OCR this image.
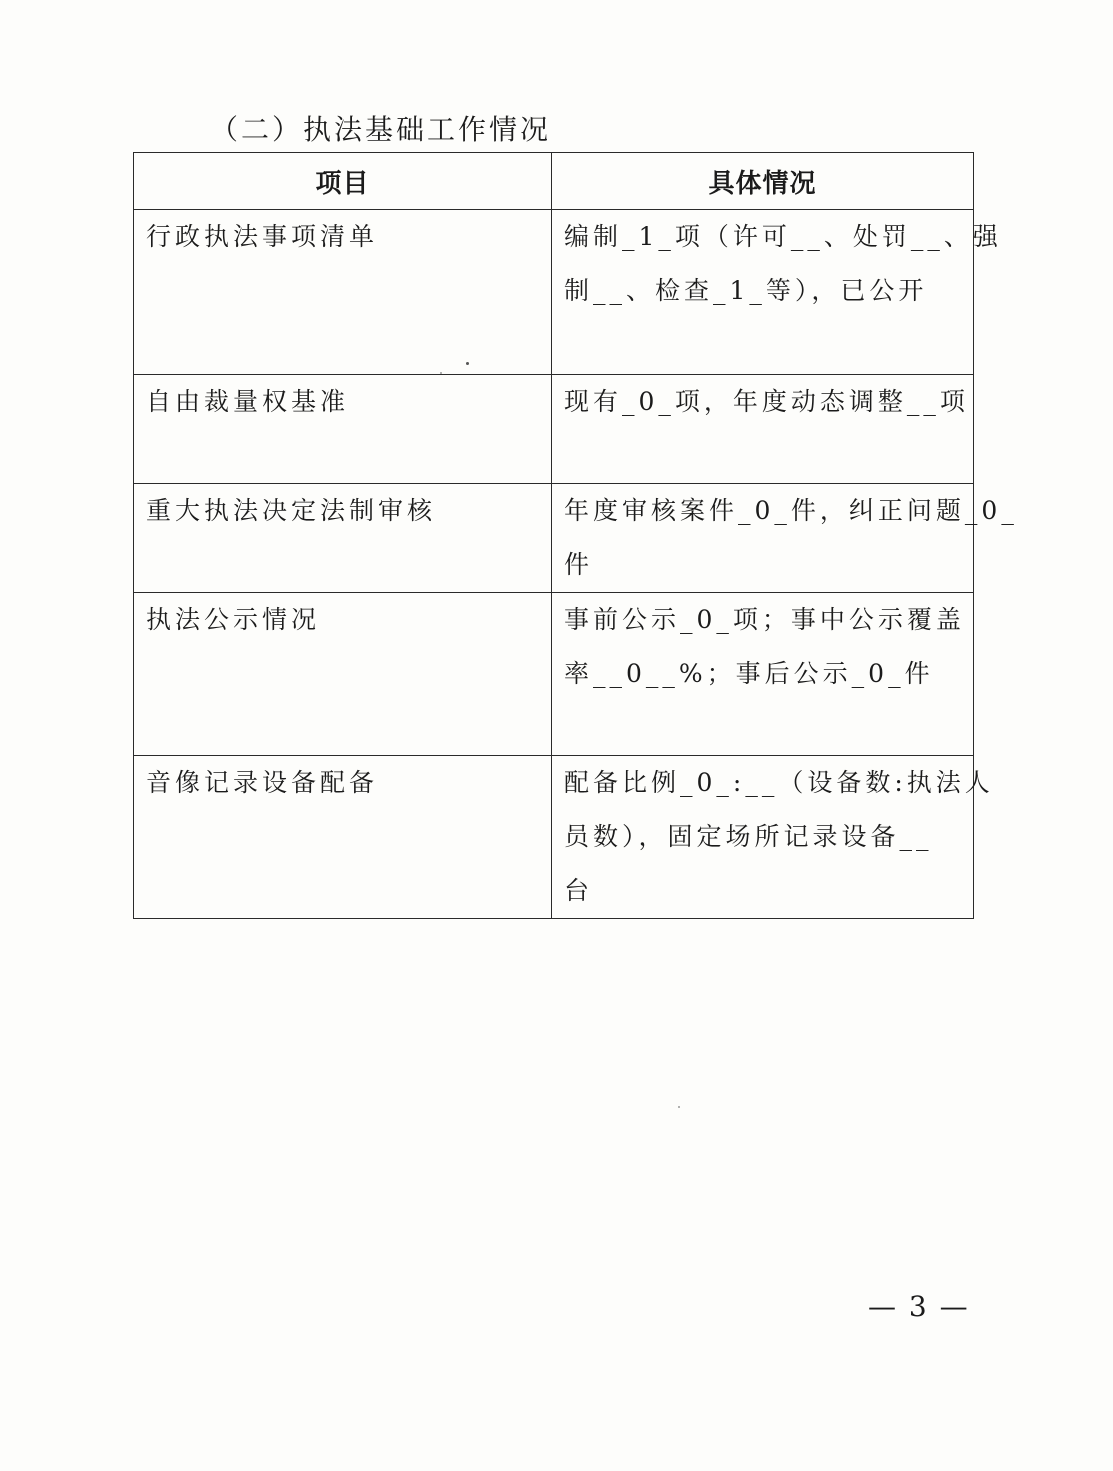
（二）执法基础工作情况
项目	具体情况
行政执法事项清单	编制_1_项（许可__、处罚__、强
制__、检查_1_等），已公开

自由裁量权基准	现有_0_项，年度动态调整__项

重大执法决定法制审核	年度审核案件_0_件，纠正问题_0_
件

执法公示情况	事前公示_0_项；事中公示覆盖
率__0__%；事后公示_0_件

音像记录设备配备	配备比例_0_:__（设备数:执法人
员数），固定场所记录设备__
台
— 3 —
